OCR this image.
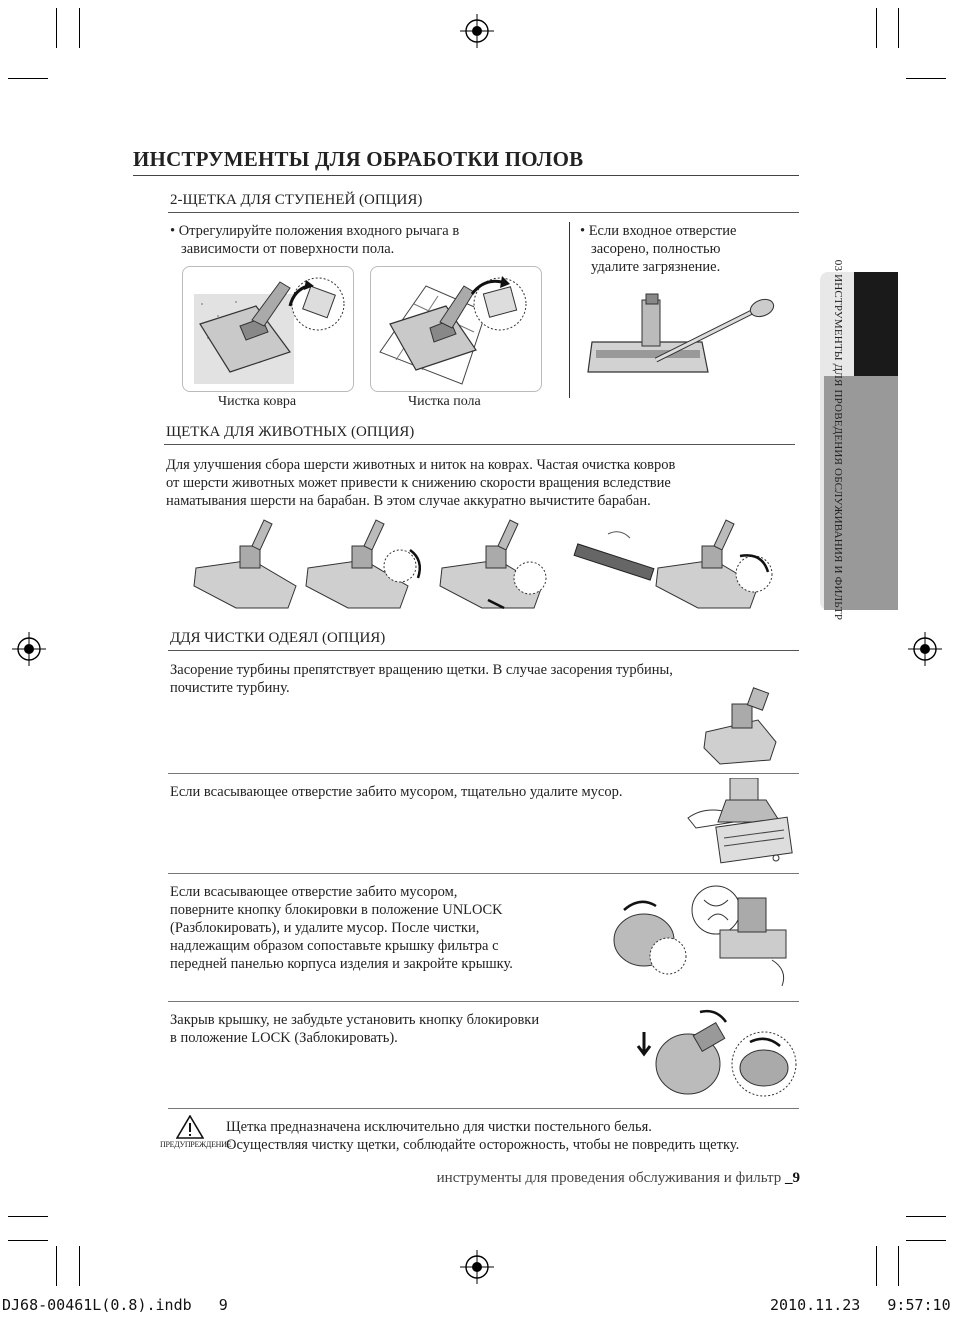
03 ИНСТРУМЕНТЫ ДЛЯ ПРОВЕДЕНИЯ ОБСЛУЖИВАНИЯ И ФИЛЬТР
ИНСТРУМЕНТЫ ДЛЯ ОБРАБОТКИ ПОЛОВ
2-ЩЕТКА ДЛЯ СТУПЕНЕЙ (ОПЦИЯ)
• Отрегулируйте положения входного рычага в
зависимости от поверхности пола.
Чистка ковра	Чистка пола
• Если входное отверстие
засорено, полностью
удалите загрязнение.
ЩЕТКА ДЛЯ ЖИВОТНЫХ (ОПЦИЯ)
Для улучшения сбора шерсти животных и ниток на коврах. Частая очистка ковров
от шерсти животных может привести к снижению скорости вращения вследствие
наматывания шерсти на барабан. В этом случае аккуратно вычистите барабан.
ДДЯ ЧИСТКИ ОДЕЯЛ (ОПЦИЯ)
Засорение турбины препятствует вращению щетки. В случае засорения турбины,
почистите турбину.
Если всасывающее отверстие забито мусором, тщательно удалите мусор.
Если всасывающее отверстие забито мусором,
поверните кнопку блокировки в положение UNLOCK
(Разблокировать), и удалите мусор. После чистки,
надлежащим образом сопоставьте крышку фильтра с
передней панелью корпуса изделия и закройте крышку.
Закрыв крышку, не забудьте установить кнопку блокировки
в положение LOCK (Заблокировать).
ПРЕДУПРЕЖДЕНИЕ
Щетка предназначена исключительно для чистки постельного белья.
Осуществляя чистку щетки, соблюдайте осторожность, чтобы не повредить щетку.
инструменты для проведения обслуживания и фильтр _9
DJ68-00461L(0.8).indb   9	2010.11.23   9:57:10
